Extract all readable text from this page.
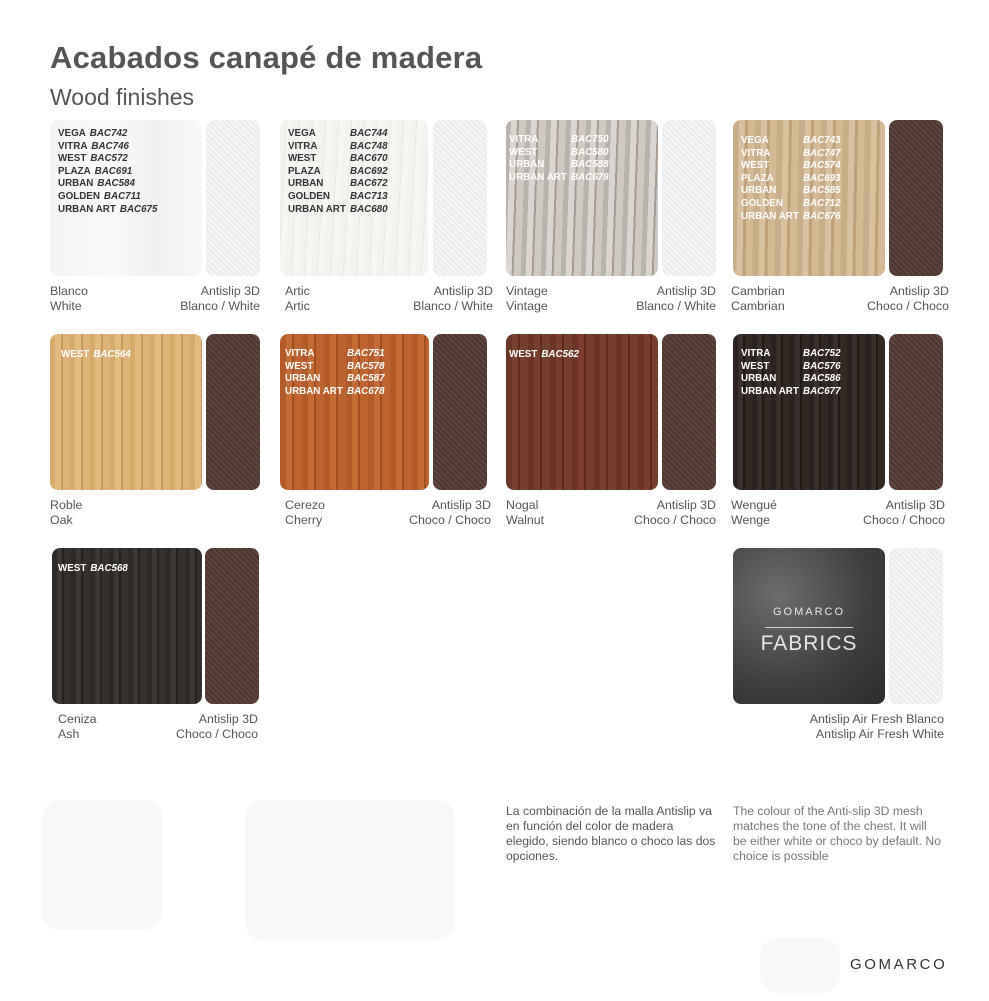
Acabados canapé de madera
Wood finishes
VEGA BAC742
VITRA BAC746
WEST BAC572
PLAZA BAC691
URBAN BAC584
GOLDEN BAC711
URBAN ART BAC675
Blanco
White
Antislip 3D
Blanco / White
VEGA	BAC744
VITRA	BAC748
WEST	BAC670
PLAZA	BAC692
URBAN	BAC672
GOLDEN	BAC713
URBAN ART BAC680
Artic
Artic
Antislip 3D
Blanco / White
VITRA	BAC750
WEST	BAC580
URBAN	BAC588
URBAN ART BAC679
Vintage
Vintage
Antislip 3D
Blanco / White
VEGA	BAC743
VITRA	BAC747
WEST	BAC574
PLAZA	BAC693
URBAN	BAC585
GOLDEN	BAC712
URBAN ART BAC676
Cambrian
Cambrian
Antislip 3D
Choco / Choco
WEST BAC564
Roble
Oak
VITRA	BAC751
WEST	BAC578
URBAN	BAC587
URBAN ART BAC678
Cerezo
Cherry
Antislip 3D
Choco / Choco
WEST BAC562
Nogal
Walnut
Antislip 3D
Choco / Choco
VITRA	BAC752
WEST	BAC576
URBAN	BAC586
URBAN ART BAC677
Wengué
Wenge
Antislip 3D
Choco / Choco
WEST BAC568
Ceniza
Ash
Antislip 3D
Choco / Choco
GOMARCO
FABRICS
Antislip Air Fresh Blanco
Antislip Air Fresh White
La combinación de la malla Antislip va en función del color de madera elegido, siendo blanco o choco las dos opciones.
The colour of the Anti-slip 3D mesh matches the tone of the chest. It will be either white or choco by default. No choice is possible
GOMARCO
